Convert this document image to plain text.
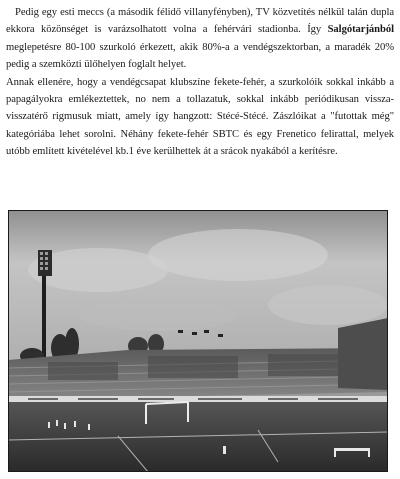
Pedig egy esti meccs (a második félidő villanyfényben), TV közvetítés nélkül talán dupla ekkora közönséget is varázsolhatott volna a fehérvári stadionba. Így Salgótarjánból meglepetésre 80-100 szurkoló érkezett, akik 80%-a a vendégszektorban, a maradék 20% pedig a szemközti ülőhelyen foglalt helyet.

Annak ellenére, hogy a vendégcsapat klubszíne fekete-fehér, a szurkolóik sokkal inkább a papagályokra emlékeztettek, no nem a tollazatuk, sokkal inkább periódikusan vissza-visszatérő rigmusuk miatt, amely így hangzott: Stécé-Stécé. Zászlóikat a "futottak még" kategóriába lehet sorolni. Néhány fekete-fehér SBTC és egy Frenetico felirattal, melyek utóbb említett kivételével kb.1 éve kerülhettek át a srácok nyakából a kerítésre.
